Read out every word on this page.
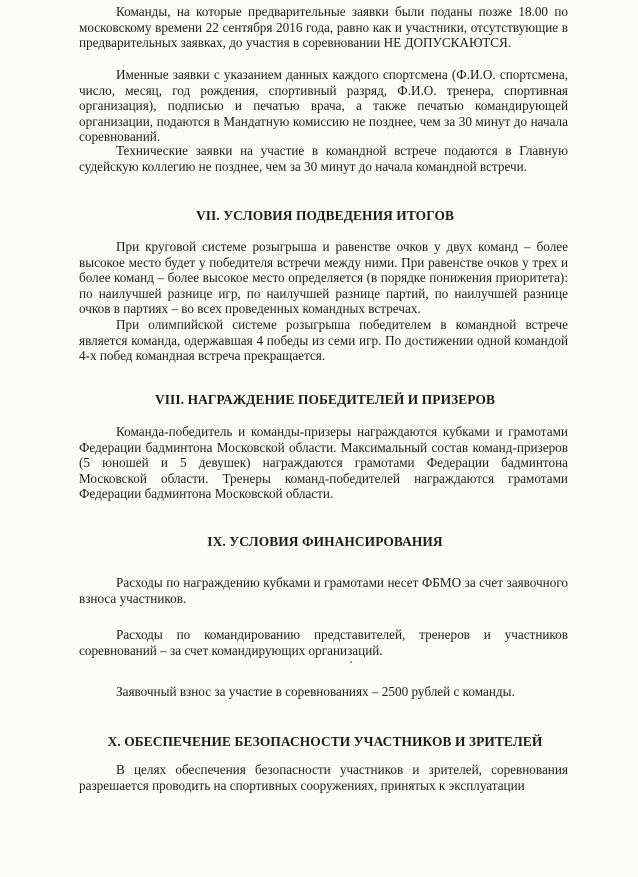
Команды, на которые предварительные заявки были поданы позже 18.00 по московскому времени 22 сентября 2016 года, равно как и участники, отсутствующие в предварительных заявках, до участия в соревновании НЕ ДОПУСКАЮТСЯ.

Именные заявки с указанием данных каждого спортсмена (Ф.И.О. спортсмена, число, месяц, год рождения, спортивный разряд, Ф.И.О. тренера, спортивная организация), подписью и печатью врача, а также печатью командирующей организации, подаются в Мандатную комиссию не позднее, чем за 30 минут до начала соревнований.

Технические заявки на участие в командной встрече подаются в Главную судейскую коллегию не позднее, чем за 30 минут до начала командной встречи.

VII. УСЛОВИЯ ПОДВЕДЕНИЯ ИТОГОВ

При круговой системе розыгрыша и равенстве очков у двух команд – более высокое место будет у победителя встречи между ними. При равенстве очков у трех и более команд – более высокое место определяется (в порядке понижения приоритета): по наилучшей разнице игр, по наилучшей разнице партий, по наилучшей разнице очков в партиях – во всех проведенных командных встречах.

При олимпийской системе розыгрыша победителем в командной встрече является команда, одержавшая 4 победы из семи игр. По достижении одной командой 4-х побед командная встреча прекращается.

VIII. НАГРАЖДЕНИЕ ПОБЕДИТЕЛЕЙ И ПРИЗЕРОВ

Команда-победитель и команды-призеры награждаются кубками и грамотами Федерации бадминтона Московской области. Максимальный состав команд-призеров (5 юношей и 5 девушек) награждаются грамотами Федерации бадминтона Московской области. Тренеры команд-победителей награждаются грамотами Федерации бадминтона Московской области.

IX. УСЛОВИЯ ФИНАНСИРОВАНИЯ

Расходы по награждению кубками и грамотами несет ФБМО за счет заявочного взноса участников.

Расходы по командированию представителей, тренеров и участников соревнований – за счет командирующих организаций.

Заявочный взнос за участие в соревнованиях – 2500 рублей с команды.

X. ОБЕСПЕЧЕНИЕ БЕЗОПАСНОСТИ УЧАСТНИКОВ И ЗРИТЕЛЕЙ

В целях обеспечения безопасности участников и зрителей, соревнования разрешается проводить на спортивных сооружениях, принятых к эксплуатации
